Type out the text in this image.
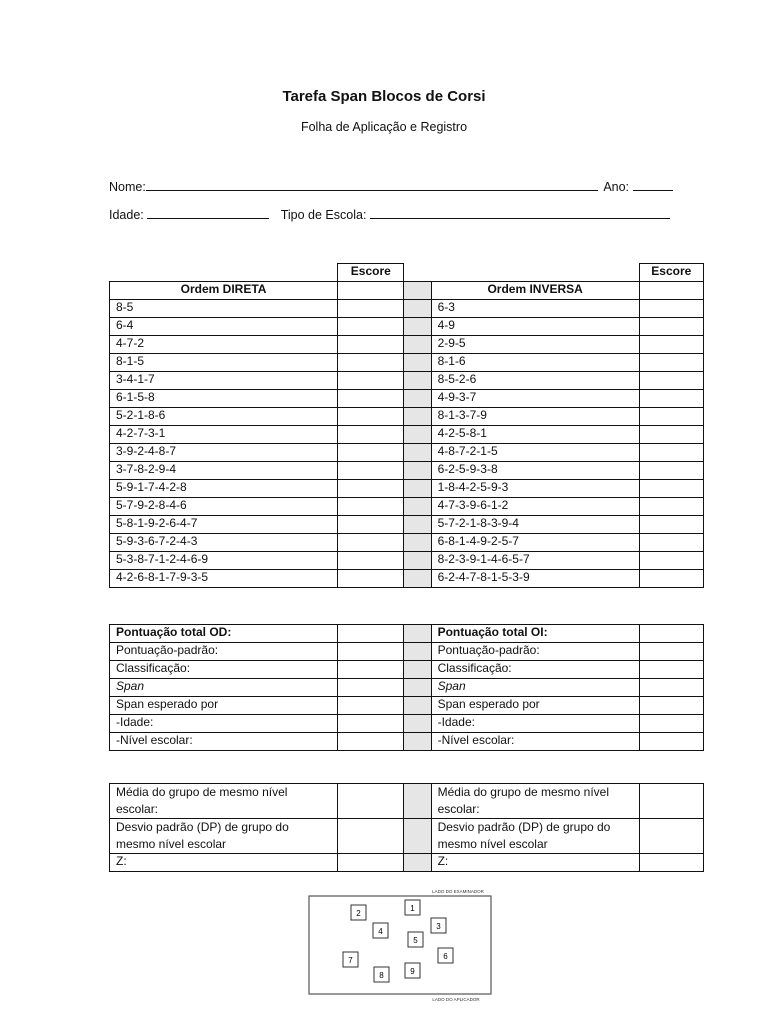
Tarefa Span Blocos de Corsi
Folha de Aplicação e Registro
Nome:	Ano:
Idade:	Tipo de Escola:
	Escore			Escore
Ordem DIRETA			Ordem INVERSA	
8-5			6-3	
6-4			4-9	
4-7-2			2-9-5	
8-1-5			8-1-6	
3-4-1-7			8-5-2-6	
6-1-5-8			4-9-3-7	
5-2-1-8-6			8-1-3-7-9	
4-2-7-3-1			4-2-5-8-1	
3-9-2-4-8-7			4-8-7-2-1-5	
3-7-8-2-9-4			6-2-5-9-3-8	
5-9-1-7-4-2-8			1-8-4-2-5-9-3	
5-7-9-2-8-4-6			4-7-3-9-6-1-2	
5-8-1-9-2-6-4-7			5-7-2-1-8-3-9-4	
5-9-3-6-7-2-4-3			6-8-1-4-9-2-5-7	
5-3-8-7-1-2-4-6-9			8-2-3-9-1-4-6-5-7	
4-2-6-8-1-7-9-3-5			6-2-4-7-8-1-5-3-9	
Pontuação total OD:			Pontuação total OI:	
Pontuação-padrão:			Pontuação-padrão:	
Classificação:			Classificação:	
Span			Span	
Span esperado por			Span esperado por	
-Idade:			-Idade:	
-Nível escolar:			-Nível escolar:	
Média do grupo de mesmo nível escolar:			Média do grupo de mesmo nível escolar:	
Desvio padrão (DP) de grupo do mesmo nível escolar			Desvio padrão (DP) de grupo do mesmo nível escolar	
Z:			Z:	
LADO DO EXAMINADOR
LADO DO APLICADOR
1
2
3
4
5
6
7
8	9
